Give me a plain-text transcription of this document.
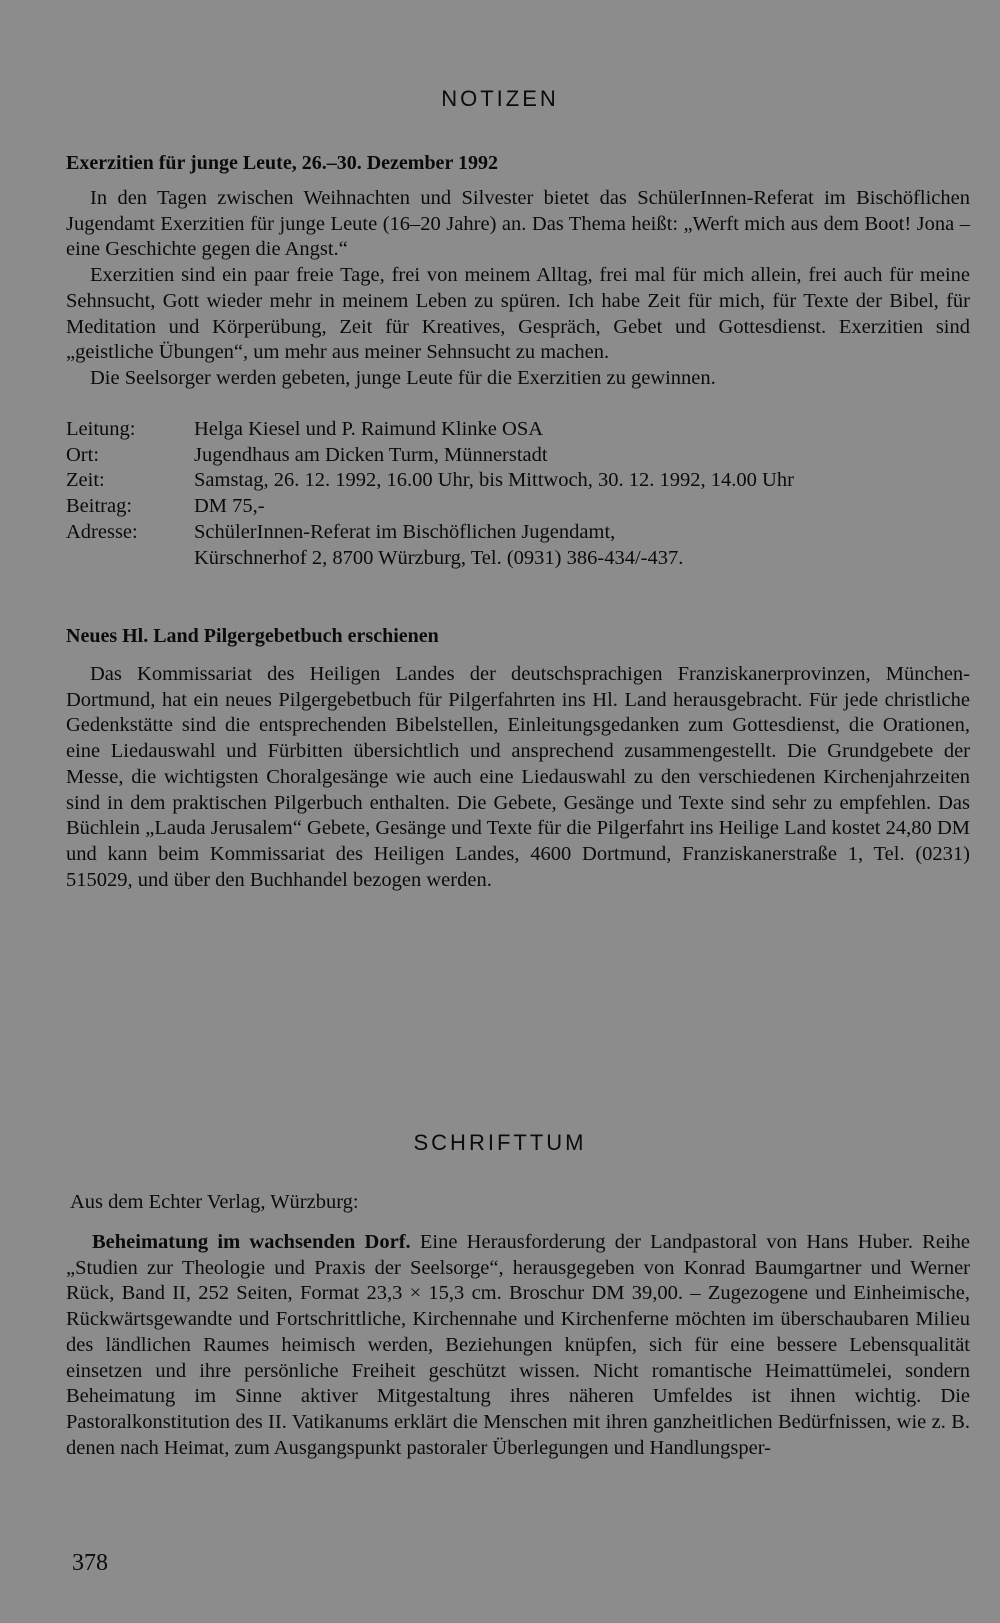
NOTIZEN
Exerzitien für junge Leute, 26.–30. Dezember 1992

In den Tagen zwischen Weihnachten und Silvester bietet das SchülerInnen-Referat im Bischöflichen Jugendamt Exerzitien für junge Leute (16–20 Jahre) an. Das Thema heißt: „Werft mich aus dem Boot! Jona – eine Geschichte gegen die Angst.“

Exerzitien sind ein paar freie Tage, frei von meinem Alltag, frei mal für mich allein, frei auch für meine Sehnsucht, Gott wieder mehr in meinem Leben zu spüren. Ich habe Zeit für mich, für Texte der Bibel, für Meditation und Körperübung, Zeit für Kreatives, Gespräch, Gebet und Gottesdienst. Exerzitien sind „geistliche Übungen“, um mehr aus meiner Sehnsucht zu machen.

Die Seelsorger werden gebeten, junge Leute für die Exerzitien zu gewinnen.

Leitung:	Helga Kiesel und P. Raimund Klinke OSA
Ort:	Jugendhaus am Dicken Turm, Münnerstadt
Zeit:	Samstag, 26. 12. 1992, 16.00 Uhr, bis Mittwoch, 30. 12. 1992, 14.00 Uhr
Beitrag:	DM 75,-
Adresse:	SchülerInnen-Referat im Bischöflichen Jugendamt,
Kürschnerhof 2, 8700 Würzburg, Tel. (0931) 386-434/-437.
Neues Hl. Land Pilgergebetbuch erschienen

Das Kommissariat des Heiligen Landes der deutschsprachigen Franziskanerprovinzen, München-Dortmund, hat ein neues Pilgergebetbuch für Pilgerfahrten ins Hl. Land herausgebracht. Für jede christliche Gedenkstätte sind die entsprechenden Bibelstellen, Einleitungsgedanken zum Gottesdienst, die Orationen, eine Liedauswahl und Fürbitten übersichtlich und ansprechend zusammengestellt. Die Grundgebete der Messe, die wichtigsten Choralgesänge wie auch eine Liedauswahl zu den verschiedenen Kirchenjahrzeiten sind in dem praktischen Pilgerbuch enthalten. Die Gebete, Gesänge und Texte sind sehr zu empfehlen. Das Büchlein „Lauda Jerusalem“ Gebete, Gesänge und Texte für die Pilgerfahrt ins Heilige Land kostet 24,80 DM und kann beim Kommissariat des Heiligen Landes, 4600 Dortmund, Franziskanerstraße 1, Tel. (0231) 515029, und über den Buchhandel bezogen werden.

SCHRIFTTUM
Aus dem Echter Verlag, Würzburg:
Beheimatung im wachsenden Dorf. Eine Herausforderung der Landpastoral von Hans Huber. Reihe „Studien zur Theologie und Praxis der Seelsorge“, herausgegeben von Konrad Baumgartner und Werner Rück, Band II, 252 Seiten, Format 23,3 × 15,3 cm. Broschur DM 39,00. – Zugezogene und Einheimische, Rückwärtsgewandte und Fortschrittliche, Kirchennahe und Kirchenferne möchten im überschaubaren Milieu des ländlichen Raumes heimisch werden, Beziehungen knüpfen, sich für eine bessere Lebensqualität einsetzen und ihre persönliche Freiheit geschützt wissen. Nicht romantische Heimattümelei, sondern Beheimatung im Sinne aktiver Mitgestaltung ihres näheren Umfeldes ist ihnen wichtig. Die Pastoralkonstitution des II. Vatikanums erklärt die Menschen mit ihren ganzheitlichen Bedürfnissen, wie z. B. denen nach Heimat, zum Ausgangspunkt pastoraler Überlegungen und Handlungsper-
378
